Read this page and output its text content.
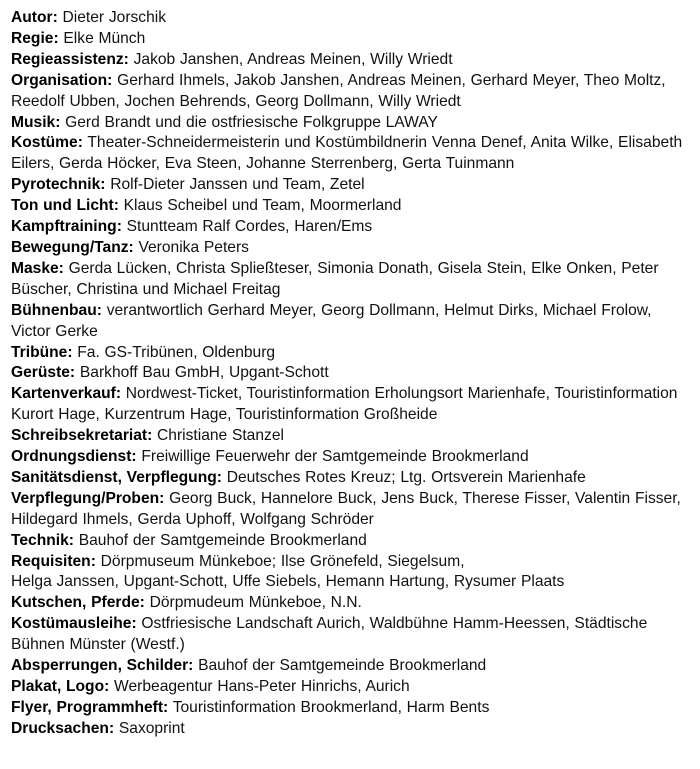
Autor: Dieter Jorschik
Regie: Elke Münch
Regieassistenz: Jakob Janshen, Andreas Meinen, Willy Wriedt
Organisation: Gerhard Ihmels, Jakob Janshen, Andreas Meinen, Gerhard Meyer, Theo Moltz, Reedolf Ubben, Jochen Behrends, Georg Dollmann, Willy Wriedt
Musik: Gerd Brandt und die ostfriesische Folkgruppe LAWAY
Kostüme: Theater-Schneidermeisterin und Kostümbildnerin Venna Denef, Anita Wilke, Elisabeth Eilers, Gerda Höcker, Eva Steen, Johanne Sterrenberg, Gerta Tuinmann
Pyrotechnik: Rolf-Dieter Janssen und Team, Zetel
Ton und Licht: Klaus Scheibel und Team, Moormerland
Kampftraining: Stuntteam Ralf Cordes, Haren/Ems
Bewegung/Tanz: Veronika Peters
Maske: Gerda Lücken, Christa Spließteser, Simonia Donath, Gisela Stein, Elke Onken, Peter Büscher, Christina und Michael Freitag
Bühnenbau: verantwortlich Gerhard Meyer, Georg Dollmann, Helmut Dirks, Michael Frolow, Victor Gerke
Tribüne: Fa. GS-Tribünen, Oldenburg
Gerüste: Barkhoff Bau GmbH, Upgant-Schott
Kartenverkauf: Nordwest-Ticket, Touristinformation Erholungsort Marienhafe, Touristinformation Kurort Hage, Kurzentrum Hage, Touristinformation Großheide
Schreibsekretariat: Christiane Stanzel
Ordnungsdienst: Freiwillige Feuerwehr der Samtgemeinde Brookmerland
Sanitätsdienst, Verpflegung: Deutsches Rotes Kreuz; Ltg. Ortsverein Marienhafe
Verpflegung/Proben: Georg Buck, Hannelore Buck, Jens Buck, Therese Fisser, Valentin Fisser, Hildegard Ihmels, Gerda Uphoff, Wolfgang Schröder
Technik: Bauhof der Samtgemeinde Brookmerland
Requisiten: Dörpmuseum Münkeboe; Ilse Grönefeld, Siegelsum,
Helga Janssen, Upgant-Schott, Uffe Siebels, Hemann Hartung, Rysumer Plaats
Kutschen, Pferde: Dörpmudeum Münkeboe, N.N.
Kostümausleihe: Ostfriesische Landschaft Aurich, Waldbühne Hamm-Heessen, Städtische Bühnen Münster (Westf.)
Absperrungen, Schilder: Bauhof der Samtgemeinde Brookmerland
Plakat, Logo: Werbeagentur Hans-Peter Hinrichs, Aurich
Flyer, Programmheft: Touristinformation Brookmerland, Harm Bents
Drucksachen: Saxoprint
